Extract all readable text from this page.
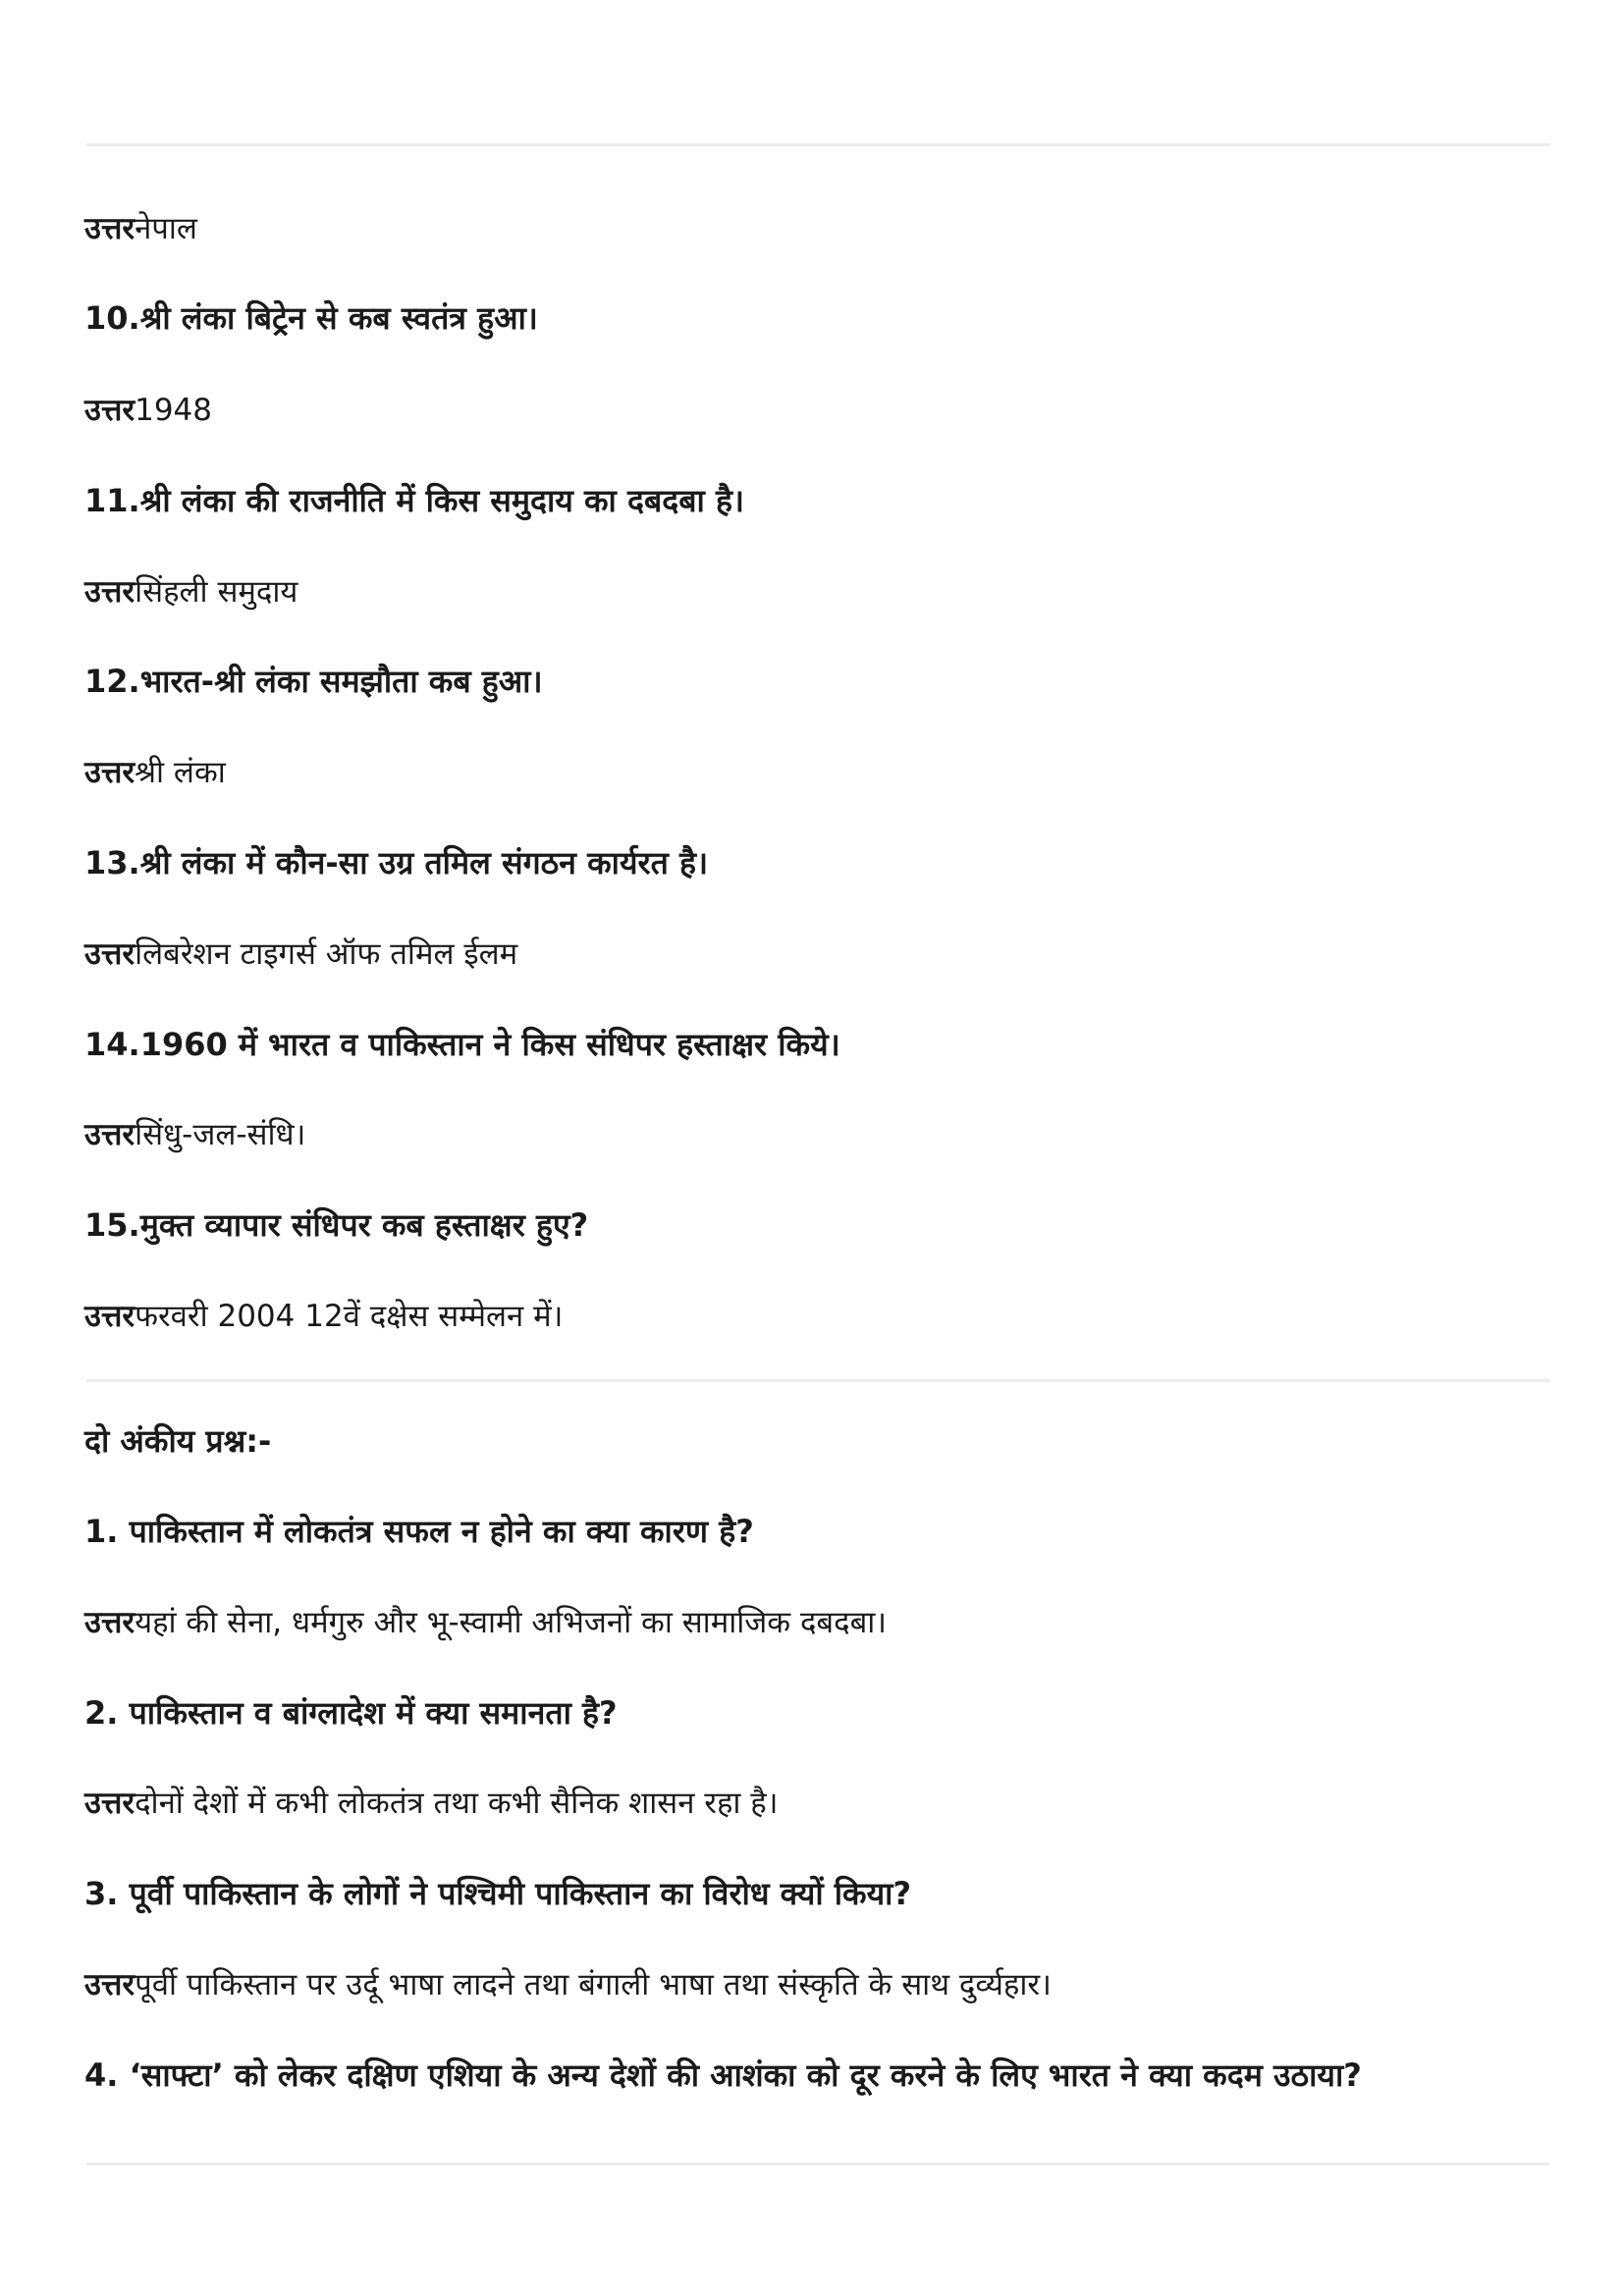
उत्तरनेपाल

10.श्री लंका बिट्रेन से कब स्वतंत्र हुआ।

उत्तर1948

11.श्री लंका की राजनीति में किस समुदाय का दबदबा है।

उत्तरसिंहली समुदाय

12.भारत-श्री लंका समझौता कब हुआ।

उत्तरश्री लंका

13.श्री लंका में कौन-सा उग्र तमिल संगठन कार्यरत है।

उत्तरलिबरेशन टाइगर्स ऑफ तमिल ईलम

14.1960 में भारत व पाकिस्तान ने किस संधिपर हस्ताक्षर किये।

उत्तरसिंधु-जल-संधि।

15.मुक्त व्यापार संधिपर कब हस्ताक्षर हुए?

उत्तरफरवरी 2004 12वें दक्षेस सम्मेलन में।

दो अंकीय प्रश्न:-

1. पाकिस्तान में लोकतंत्र सफल न होने का क्या कारण है?

उत्तरयहां की सेना, धर्मगुरु और भू-स्वामी अभिजनों का सामाजिक दबदबा।

2. पाकिस्तान व बांग्लादेश में क्या समानता है?

उत्तरदोनों देशों में कभी लोकतंत्र तथा कभी सैनिक शासन रहा है।

3. पूर्वी पाकिस्तान के लोगों ने पश्चिमी पाकिस्तान का विरोध क्यों किया?

उत्तरपूर्वी पाकिस्तान पर उर्दू भाषा लादने तथा बंगाली भाषा तथा संस्कृति के साथ दुर्व्यहार।

4. ‘साफ्टा’ को लेकर दक्षिण एशिया के अन्य देशों की आशंका को दूर करने के लिए भारत ने क्या कदम उठाया?
